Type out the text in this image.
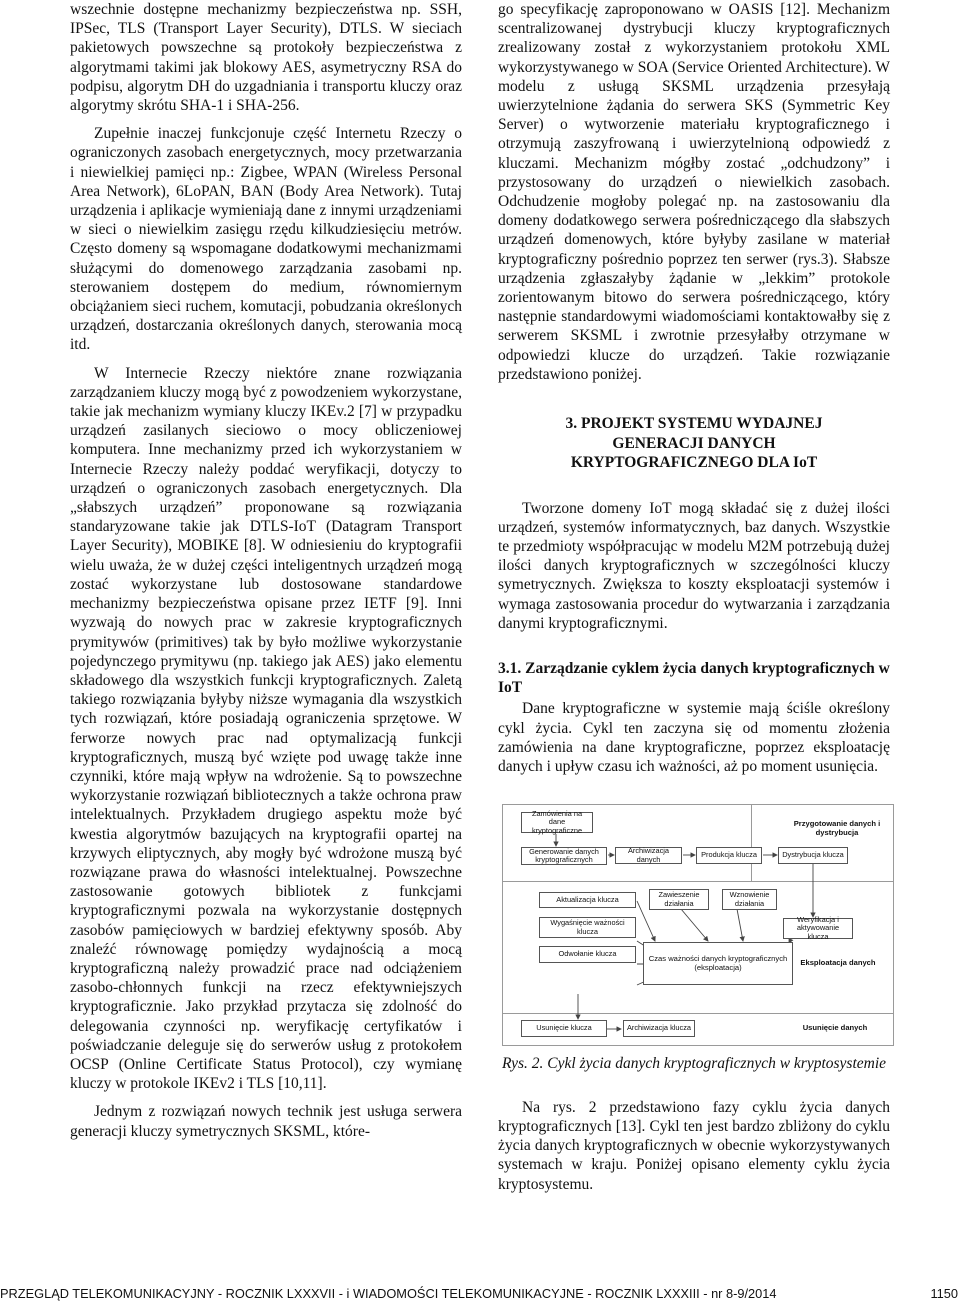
wszechnie dostępne mechanizmy bezpieczeństwa np. SSH, IPSec, TLS (Transport Layer Security), DTLS. W sieciach pakietowych powszechne są protokoły bezpieczeństwa z algorytmami takimi jak blokowy AES, asymetryczny RSA do podpisu, algorytm DH do uzgadniania i transportu kluczy oraz algorytmy skrótu SHA-1 i SHA-256.

Zupełnie inaczej funkcjonuje część Internetu Rzeczy o ograniczonych zasobach energetycznych, mocy przetwarzania i niewielkiej pamięci np.: Zigbee, WPAN (Wireless Personal Area Network), 6LoPAN, BAN (Body Area Network). Tutaj urządzenia i aplikacje wymieniają dane z innymi urządzeniami w sieci o niewielkim zasięgu rzędu kilkudziesięciu metrów. Często domeny są wspomagane dodatkowymi mechanizmami służącymi do domenowego zarządzania zasobami np. sterowaniem dostępem do medium, równomiernym obciążaniem sieci ruchem, komutacji, pobudzania określonych urządzeń, dostarczania określonych danych, sterowania mocą itd.

W Internecie Rzeczy niektóre znane rozwiązania zarządzaniem kluczy mogą być z powodzeniem wykorzystane, takie jak mechanizm wymiany kluczy IKEv.2 [7] w przypadku urządzeń zasilanych sieciowo o mocy obliczeniowej komputera. Inne mechanizmy przed ich wykorzystaniem w Internecie Rzeczy należy poddać weryfikacji, dotyczy to urządzeń o ograniczonych zasobach energetycznych. Dla „słabszych urządzeń” proponowane są rozwiązania standaryzowane takie jak DTLS-IoT (Datagram Transport Layer Security), MOBIKE [8]. W odniesieniu do kryptografii wielu uważa, że w dużej części inteligentnych urządzeń mogą zostać wykorzystane lub dostosowane standardowe mechanizmy bezpieczeństwa opisane przez IETF [9]. Inni wyzwają do nowych prac w zakresie kryptograficznych prymitywów (primitives) tak by było możliwe wykorzystanie pojedynczego prymitywu (np. takiego jak AES) jako elementu składowego dla wszystkich funkcji kryptograficznych. Zaletą takiego rozwiązania byłyby niższe wymagania dla wszystkich tych rozwiązań, które posiadają ograniczenia sprzętowe. W ferworze nowych prac nad optymalizacją funkcji kryptograficznych, muszą być wzięte pod uwagę także inne czynniki, które mają wpływ na wdrożenie. Są to powszechne wykorzystanie rozwiązań bibliotecznych a także ochrona praw intelektualnych. Przykładem drugiego aspektu może być kwestia algorytmów bazujących na kryptografii opartej na krzywych eliptycznych, aby mogły być wdrożone muszą być rozwiązane prawa do własności intelektualnej. Powszechne zastosowanie gotowych bibliotek z funkcjami kryptograficznymi pozwala na wykorzystanie dostępnych zasobów pamięciowych w bardziej efektywny sposób. Aby znaleźć równowagę pomiędzy wydajnością a mocą kryptograficzną należy prowadzić prace nad odciążeniem zasobo-chłonnych funkcji na rzecz efektywniejszych kryptograficznie. Jako przykład przytacza się zdolność do delegowania czynności np. weryfikację certyfikatów i poświadczanie deleguje się do serwerów usług z protokołem OCSP (Online Certificate Status Protocol), czy wymianę kluczy w protokole IKEv2 i TLS [10,11].

Jednym z rozwiązań nowych technik jest usługa serwera generacji kluczy symetrycznych SKSML, które-

go specyfikację zaproponowano w OASIS [12]. Mechanizm scentralizowanej dystrybucji kluczy kryptograficznych zrealizowany został z wykorzystaniem protokołu XML wykorzystywanego w SOA (Service Oriented Architecture). W modelu z usługą SKSML urządzenia przesyłają uwierzytelnione żądania do serwera SKS (Symmetric Key Server) o wytworzenie materiału kryptograficznego i otrzymują zaszyfrowaną i uwierzytelnioną odpowiedź z kluczami. Mechanizm mógłby zostać „odchudzony” i przystosowany do urządzeń o niewielkich zasobach. Odchudzenie mogłoby polegać np. na zastosowaniu dla domeny dodatkowego serwera pośredniczącego dla słabszych urządzeń domenowych, które byłyby zasilane w materiał kryptograficzny pośrednio poprzez ten serwer (rys.3). Słabsze urządzenia zgłaszałyby żądanie w „lekkim” protokole zorientowanym bitowo do serwera pośredniczącego, który następnie standardowymi wiadomościami kontaktowałby się z serwerem SKSML i zwrotnie przesyłałby otrzymane w odpowiedzi klucze do urządzeń. Takie rozwiązanie przedstawiono poniżej.

3. PROJEKT SYSTEMU WYDAJNEJ
GENERACJI DANYCH
KRYPTOGRAFICZNEGO DLA IoT

Tworzone domeny IoT mogą składać się z dużej ilości urządzeń, systemów informatycznych, baz danych. Wszystkie te przedmioty współpracując w modelu M2M potrzebują dużej ilości danych kryptograficznych w szczególności kluczy symetrycznych. Zwiększa to koszty eksploatacji systemów i wymaga zastosowania procedur do wytwarzania i zarządzania danymi kryptograficznymi.

3.1. Zarządzanie cyklem życia danych kryptograficznych w IoT

Dane kryptograficzne w systemie mają ściśle określony cykl życia. Cykl ten zaczyna się od momentu złożenia zamówienia na dane kryptograficzne, poprzez eksploatację danych i upływ czasu ich ważności, aż po moment usunięcia.

Zamówienia na dane kryptograficzne
Generowanie danych kryptograficznych
Archiwizacja danych	Produkcja klucza	Dystrybucja klucza
Przygotowanie danych i dystrybucja
Aktualizacja klucza
Zawieszenie działania
Wznowienie działania
Wygaśnięcie ważności klucza
Weryfikacja i aktywowanie klucza
Odwołanie klucza
Czas ważności danych kryptograficznych (eksploatacja)	Eksploatacja danych
Usunięcie klucza	Archiwizacja klucza	Usunięcie danych
Rys. 2. Cykl życia danych kryptograficznych w kryptosystemie

Na rys. 2 przedstawiono fazy cyklu życia danych kryptograficznych [13]. Cykl ten jest bardzo zbliżony do cyklu życia danych kryptograficznych w obecnie wykorzystywanych systemach w kraju. Poniżej opisano elementy cyklu życia kryptosystemu.

PRZEGLĄD TELEKOMUNIKACYJNY - ROCZNIK LXXXVII - i WIADOMOŚCI TELEKOMUNIKACYJNE - ROCZNIK LXXXIII - nr 8-9/2014	1150
